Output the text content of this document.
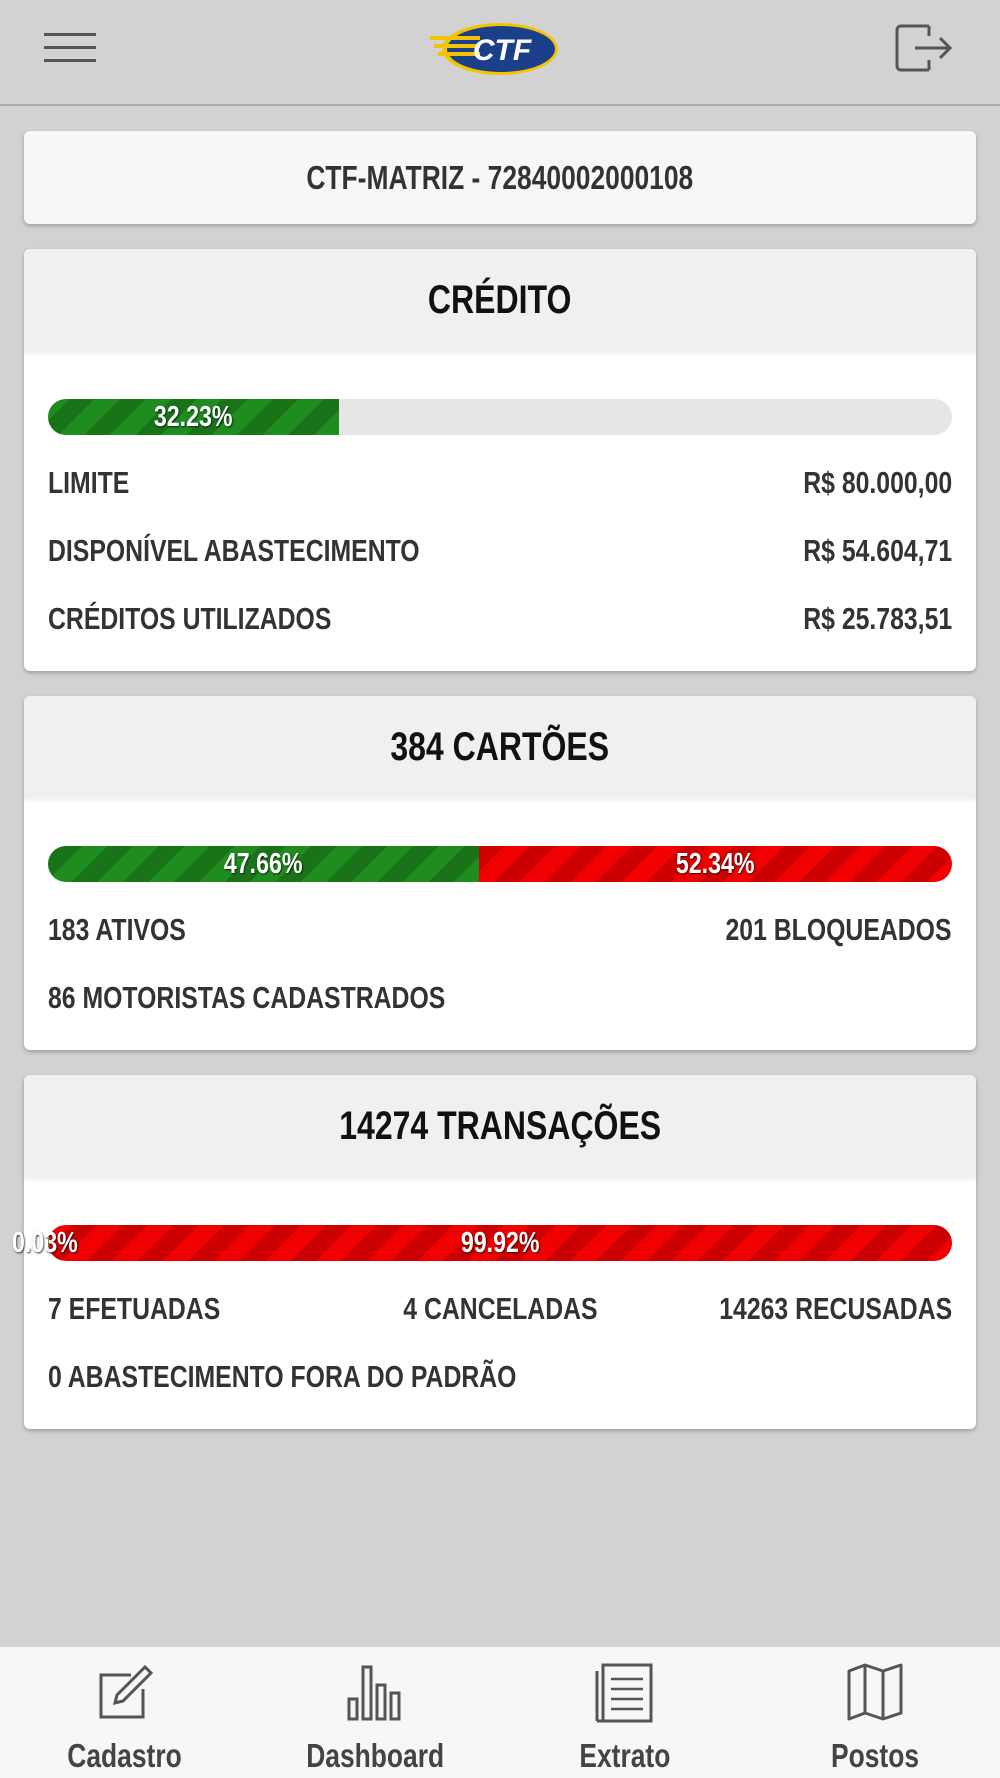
CTF
CTF-MATRIZ - 72840002000108
CRÉDITO
32.23%
LIMITE	R$ 80.000,00
DISPONÍVEL ABASTECIMENTO	R$ 54.604,71
CRÉDITOS UTILIZADOS	R$ 25.783,51
384 CARTÕES
47.66%	52.34%
183 ATIVOS	201 BLOQUEADOS
86 MOTORISTAS CADASTRADOS
14274 TRANSAÇÕES
99.92%
0.03%
7 EFETUADAS	4 CANCELADAS	14263 RECUSADAS
0 ABASTECIMENTO FORA DO PADRÃO
Cadastro	Dashboard	Extrato	Postos
